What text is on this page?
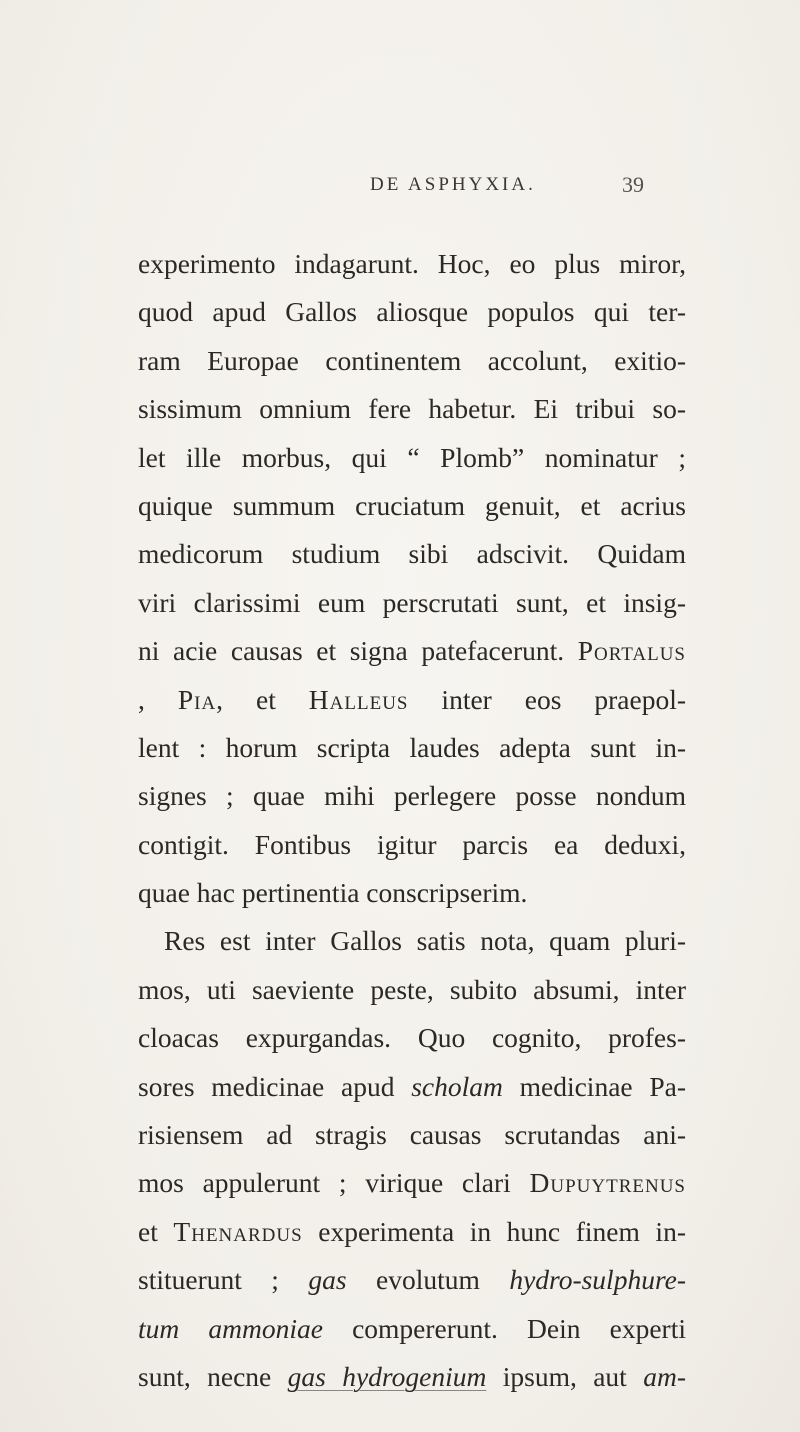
DE ASPHYXIA.	39
experimento indagarunt. Hoc, eo plus miror,
quod apud Gallos aliosque populos qui ter-
ram Europae continentem accolunt, exitio-
sissimum omnium fere habetur. Ei tribui so-
let ille morbus, qui “ Plomb” nominatur ;
quique summum cruciatum genuit, et acrius
medicorum studium sibi adscivit. Quidam
viri clarissimi eum perscrutati sunt, et insig-
ni acie causas et signa patefacerunt. Portalus
, Pia, et Halleus inter eos praepol-
lent : horum scripta laudes adepta sunt in-
signes ; quae mihi perlegere posse nondum
contigit. Fontibus igitur parcis ea deduxi,
quae hac pertinentia conscripserim.
Res est inter Gallos satis nota, quam pluri-
mos, uti saeviente peste, subito absumi, inter
cloacas expurgandas. Quo cognito, profes-
sores medicinae apud scholam medicinae Pa-
risiensem ad stragis causas scrutandas ani-
mos appulerunt ; virique clari Dupuytrenus
et Thenardus experimenta in hunc finem in-
stituerunt ; gas evolutum hydro-sulphure-
tum ammoniae compererunt. Dein experti
sunt, necne gas hydrogenium ipsum, aut am-
